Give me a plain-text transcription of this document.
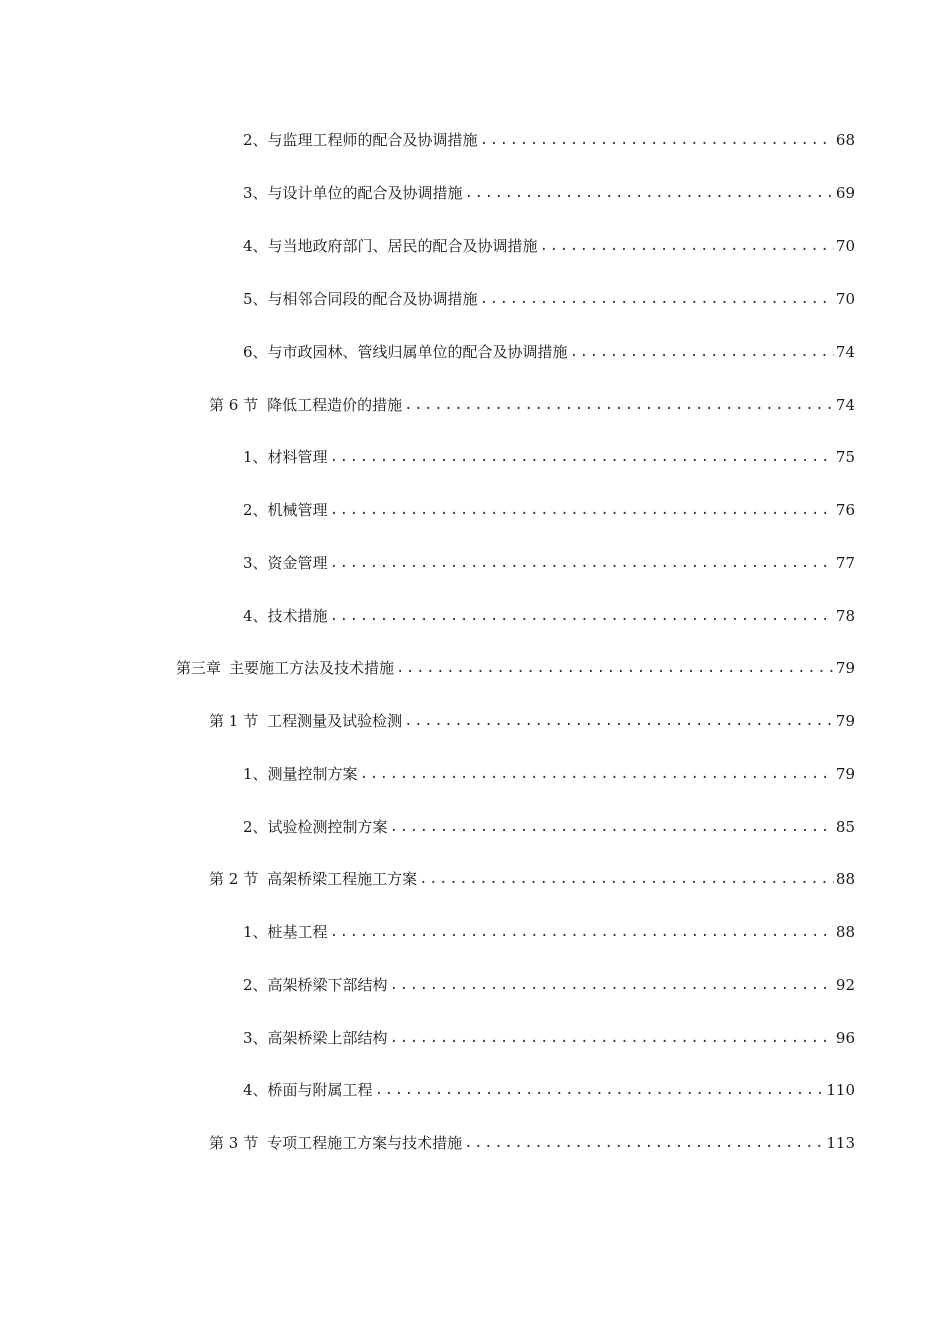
2、 与监理工程师的配合及协调措施 .....	68
3、 与设计单位的配合及协调措施 .....	69
4、 与当地政府部门、居民的配合及协调措施 .....	70
5、 与相邻合同段的配合及协调措施 .....	70
6、 与市政园林、管线归属单位的配合及协调措施 .....	74
第 6 节 降低工程造价的措施 .....	74
1、 材料管理 .....	75
2、 机械管理 .....	76
3、 资金管理 .....	77
4、 技术措施 .....	78
第三章 主要施工方法及技术措施 .....	79
第 1 节 工程测量及试验检测 .....	79
1、 测量控制方案 .....	79
2、 试验检测控制方案 .....	85
第 2 节 高架桥梁工程施工方案 .....	88
1、 桩基工程 .....	88
2、 高架桥梁下部结构 .....	92
3、 高架桥梁上部结构 .....	96
4、 桥面与附属工程 .....	110
第 3 节 专项工程施工方案与技术措施 .....	113
